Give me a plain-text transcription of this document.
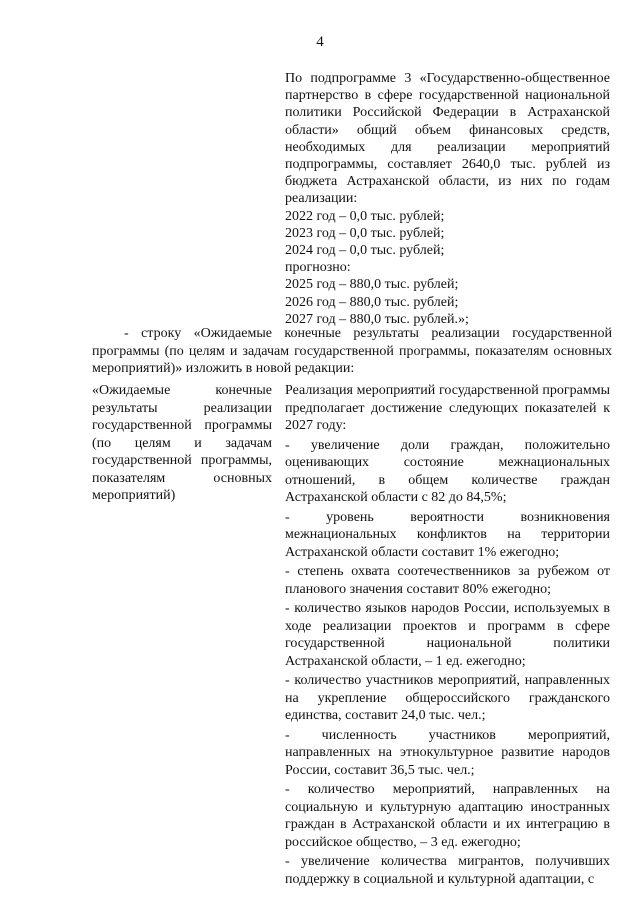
4

По подпрограмме 3 «Государственно-общественное партнерство в сфере государственной национальной политики Российской Федерации в Астраханской области» общий объем финансовых средств, необходимых для реализации мероприятий подпрограммы, составляет 2640,0 тыс. рублей из бюджета Астраханской области, из них по годам реализации:

2022 год – 0,0 тыс. рублей;
2023 год – 0,0 тыс. рублей;
2024 год – 0,0 тыс. рублей;
прогнозно:
2025 год – 880,0 тыс. рублей;
2026 год – 880,0 тыс. рублей;
2027 год – 880,0 тыс. рублей.»;

- строку «Ожидаемые конечные результаты реализации государственной программы (по целям и задачам государственной программы, показателям основных мероприятий)» изложить в новой редакции:

«Ожидаемые конечные результаты реализации государственной программы (по целям и задачам государственной программы, показателям основных мероприятий)

Реализация мероприятий государственной программы предполагает достижение следующих показателей к 2027 году:

- увеличение доли граждан, положительно оценивающих состояние межнациональных отношений, в общем количестве граждан Астраханской области с 82 до 84,5%;

- уровень вероятности возникновения межнациональных конфликтов на территории Астраханской области составит 1% ежегодно;

- степень охвата соотечественников за рубежом от планового значения составит 80% ежегодно;

- количество языков народов России, используемых в ходе реализации проектов и программ в сфере государственной национальной политики Астраханской области, – 1 ед. ежегодно;

- количество участников мероприятий, направленных на укрепление общероссийского гражданского единства, составит 24,0 тыс. чел.;

- численность участников мероприятий, направленных на этнокультурное развитие народов России, составит 36,5 тыс. чел.;

- количество мероприятий, направленных на социальную и культурную адаптацию иностранных граждан в Астраханской области и их интеграцию в российское общество, – 3 ед. ежегодно;

- увеличение количества мигрантов, получивших поддержку в социальной и культурной адаптации, с
